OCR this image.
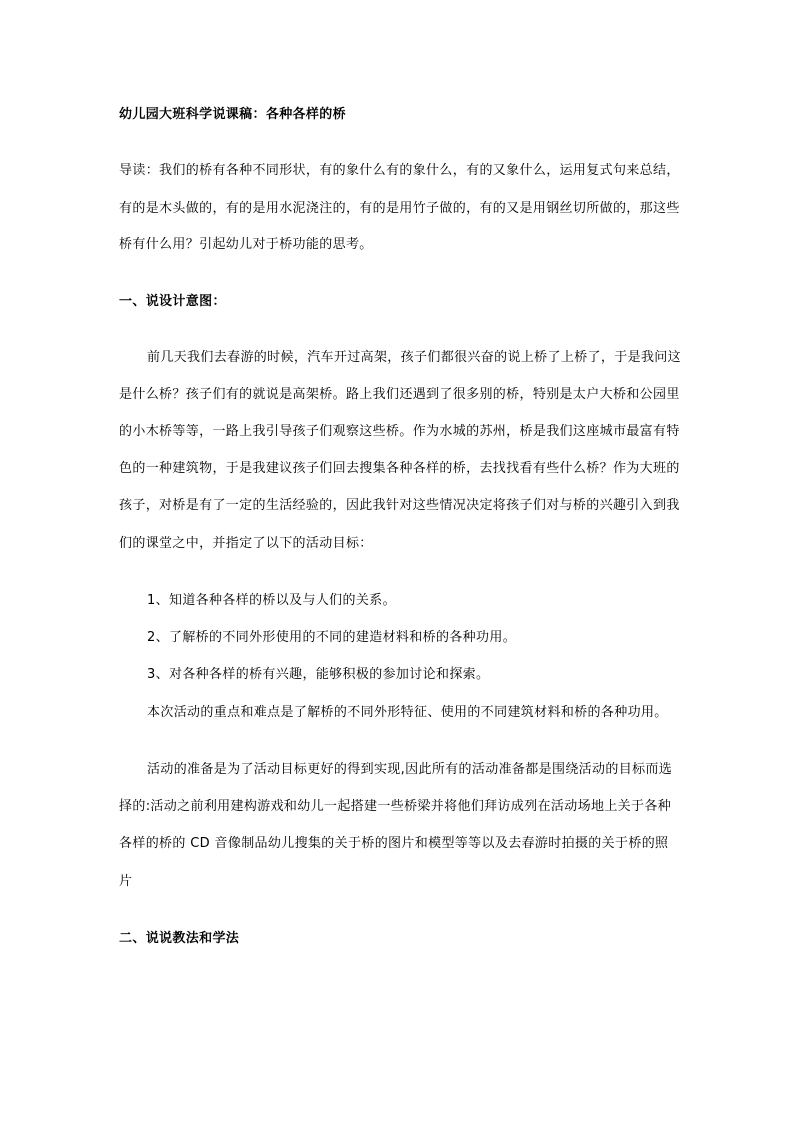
幼儿园大班科学说课稿：各种各样的桥
导读：我们的桥有各种不同形状，有的象什么有的象什么，有的又象什么，运用复式句来总结，
有的是木头做的，有的是用水泥浇注的，有的是用竹子做的，有的又是用钢丝切所做的，那这些
桥有什么用？引起幼儿对于桥功能的思考。
一、说设计意图：
前几天我们去春游的时候，汽车开过高架，孩子们都很兴奋的说上桥了上桥了，于是我问这
是什么桥？孩子们有的就说是高架桥。路上我们还遇到了很多别的桥，特别是太户大桥和公园里
的小木桥等等，一路上我引导孩子们观察这些桥。作为水城的苏州，桥是我们这座城市最富有特
色的一种建筑物，于是我建议孩子们回去搜集各种各样的桥，去找找看有些什么桥？作为大班的
孩子，对桥是有了一定的生活经验的，因此我针对这些情况决定将孩子们对与桥的兴趣引入到我
们的课堂之中，并指定了以下的活动目标：
1、知道各种各样的桥以及与人们的关系。
2、了解桥的不同外形使用的不同的建造材料和桥的各种功用。
3、对各种各样的桥有兴趣，能够积极的参加讨论和探索。
本次活动的重点和难点是了解桥的不同外形特征、使用的不同建筑材料和桥的各种功用。
活动的准备是为了活动目标更好的得到实现,因此所有的活动准备都是围绕活动的目标而选
择的:活动之前利用建构游戏和幼儿一起搭建一些桥梁并将他们拜访成列在活动场地上关于各种
各样的桥的 CD 音像制品幼儿搜集的关于桥的图片和模型等等以及去春游时拍摄的关于桥的照
片
二、说说教法和学法
